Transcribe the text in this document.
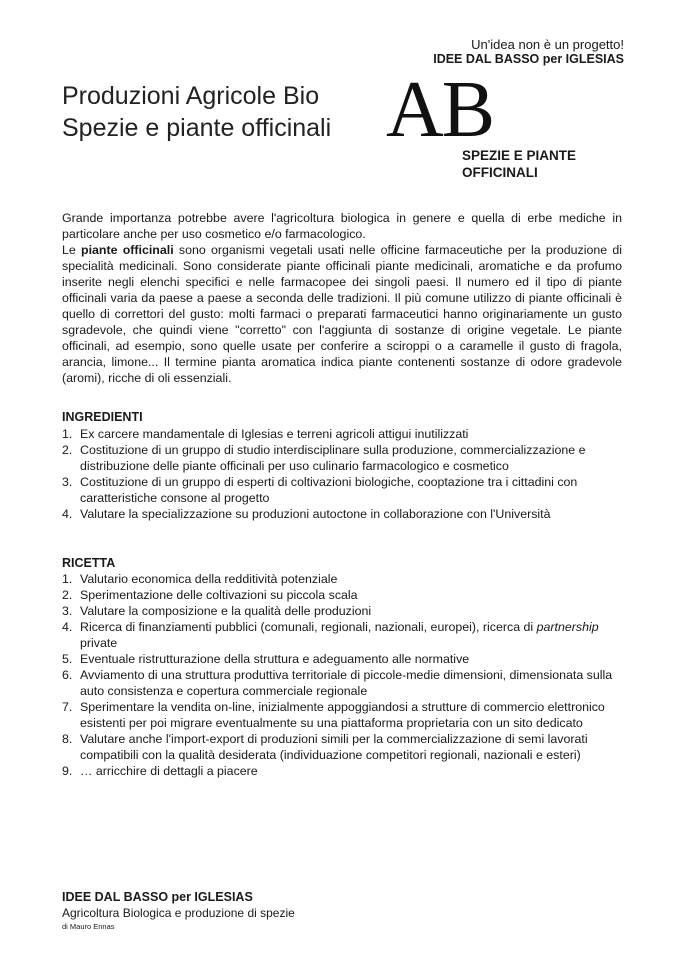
Un'idea non è un progetto!
IDEE DAL BASSO per IGLESIAS
Produzioni Agricole Bio
Spezie e piante officinali AB
SPEZIE E PIANTE
OFFICINALI

Grande importanza potrebbe avere l'agricoltura biologica in genere e quella di erbe mediche in particolare anche per uso cosmetico e/o farmacologico.

Le piante officinali sono organismi vegetali usati nelle officine farmaceutiche per la produzione di specialità medicinali. Sono considerate piante officinali piante medicinali, aromatiche e da profumo inserite negli elenchi specifici e nelle farmacopee dei singoli paesi. Il numero ed il tipo di piante officinali varia da paese a paese a seconda delle tradizioni. Il più comune utilizzo di piante officinali è quello di correttori del gusto: molti farmaci o preparati farmaceutici hanno originariamente un gusto sgradevole, che quindi viene "corretto" con l'aggiunta di sostanze di origine vegetale. Le piante officinali, ad esempio, sono quelle usate per conferire a sciroppi o a caramelle il gusto di fragola, arancia, limone... Il termine pianta aromatica indica piante contenenti sostanze di odore gradevole (aromi), ricche di oli essenziali.

INGREDIENTI
1. Ex carcere mandamentale di Iglesias e terreni agricoli attigui inutilizzati
2. Costituzione di un gruppo di studio interdisciplinare sulla produzione, commercializzazione e distribuzione delle piante officinali per uso culinario farmacologico e cosmetico
3. Costituzione di un gruppo di esperti di coltivazioni biologiche, cooptazione tra i cittadini con caratteristiche consone al progetto
4. Valutare la specializzazione su produzioni autoctone in collaborazione con l'Università
RICETTA
1. Valutario economica della redditività potenziale
2. Sperimentazione delle coltivazioni su piccola scala
3. Valutare la composizione e la qualità delle produzioni
4. Ricerca di finanziamenti pubblici (comunali, regionali, nazionali, europei), ricerca di partnership private
5. Eventuale ristrutturazione della struttura e adeguamento alle normative
6. Avviamento di una struttura produttiva territoriale di piccole-medie dimensioni, dimensionata sulla auto consistenza e copertura commerciale regionale
7. Sperimentare la vendita on-line, inizialmente appoggiandosi a strutture di commercio elettronico esistenti per poi migrare eventualmente su una piattaforma proprietaria con un sito dedicato
8. Valutare anche l'import-export di produzioni simili per la commercializzazione di semi lavorati compatibili con la qualità desiderata (individuazione competitori regionali, nazionali e esteri)
9. … arricchire di dettagli a piacere
IDEE DAL BASSO per IGLESIAS
Agricoltura Biologica e produzione di spezie
di Mauro Ennas
